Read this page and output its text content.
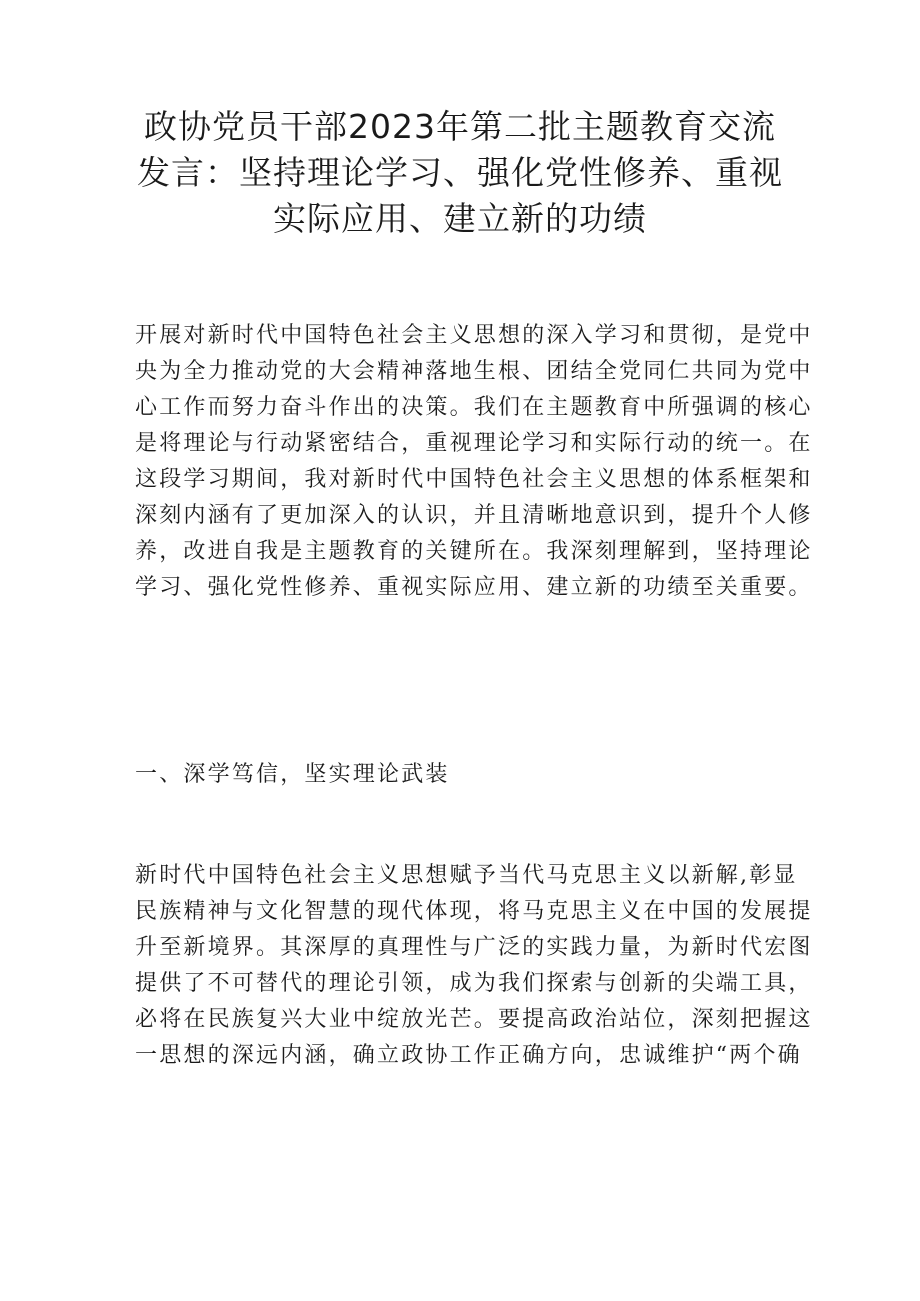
政协党员干部2023年第二批主题教育交流
发言：坚持理论学习、强化党性修养、重视
实际应用、建立新的功绩

开展对新时代中国特色社会主义思想的深入学习和贯彻，是党中
央为全力推动党的大会精神落地生根、团结全党同仁共同为党中
心工作而努力奋斗作出的决策。我们在主题教育中所强调的核心
是将理论与行动紧密结合，重视理论学习和实际行动的统一。在
这段学习期间，我对新时代中国特色社会主义思想的体系框架和
深刻内涵有了更加深入的认识，并且清晰地意识到，提升个人修
养，改进自我是主题教育的关键所在。我深刻理解到，坚持理论
学习、强化党性修养、重视实际应用、建立新的功绩至关重要。

一、深学笃信，坚实理论武装

新时代中国特色社会主义思想赋予当代马克思主义以新解,彰显
民族精神与文化智慧的现代体现，将马克思主义在中国的发展提
升至新境界。其深厚的真理性与广泛的实践力量，为新时代宏图
提供了不可替代的理论引领，成为我们探索与创新的尖端工具，
必将在民族复兴大业中绽放光芒。要提高政治站位，深刻把握这
一思想的深远内涵，确立政协工作正确方向，忠诚维护“两个确
